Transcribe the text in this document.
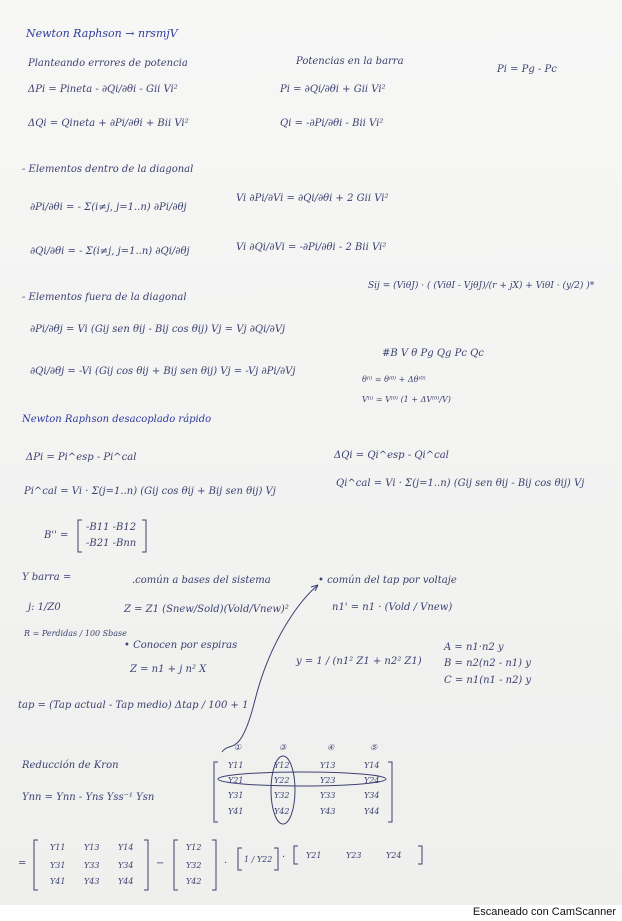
Newton Raphson → nrsmjV
Pi = Pg - Pc
Planteando errores de potencia
ΔPi = Pineta - ∂Qi/∂θi - Gii Vi²
ΔQi = Qineta + ∂Pi/∂θi + Bii Vi²
Potencias en la barra
Pi = ∂Qi/∂θi + Gii Vi²
Qi = -∂Pi/∂θi - Bii Vi²
- Elementos dentro de la diagonal
∂Pi/∂θi = - Σ(i≠j, j=1..n) ∂Pi/∂θj
∂Qi/∂θi = - Σ(i≠j, j=1..n) ∂Qi/∂θj
Vi ∂Pi/∂Vi = ∂Qi/∂θi + 2 Gii Vi²
Vi ∂Qi/∂Vi = -∂Pi/∂θi - 2 Bii Vi²
Sij = (ViθJ) · ( (ViθI - VjθJ)/(r + jX) + ViθI · (y/2) )*
- Elementos fuera de la diagonal
∂Pi/∂θj = Vi (Gij sen θij - Bij cos θij) Vj = Vj ∂Qi/∂Vj
∂Qi/∂θj = -Vi (Gij cos θij + Bij sen θij) Vj = -Vj ∂Pi/∂Vj
#B V θ Pg Qg Pc Qc
θ⁽ⁱ⁾ = θ⁽⁰⁾ + Δθ⁽⁰⁾
V⁽ⁱ⁾ = V⁽⁰⁾ (1 + ΔV⁽⁰⁾/V)
Newton Raphson desacoplado rápido
ΔPi = Pi^esp - Pi^cal	ΔQi = Qi^esp - Qi^cal
Pi^cal = Vi · Σ(j=1..n) (Gij cos θij + Bij sen θij) Vj
Qi^cal = Vi · Σ(j=1..n) (Gij sen θij - Bij cos θij) Vj
B'' =
-B11 -B12
-B21 -Bnn
Y barra =
j: 1/Z0
R = Perdidas / 100 Sbase
.común a bases del sistema
Z = Z1 (Snew/Sold)(Vold/Vnew)²
• Conocen por espiras
Z = n1 + j n² X
• común del tap por voltaje
n1' = n1 · (Vold / Vnew)
y = 1 / (n1² Z1 + n2² Z1)
A = n1·n2 y
B = n2(n2 - n1) y
C = n1(n1 - n2) y
tap = (Tap actual - Tap medio) Δtap / 100 + 1
Reducción de Kron
Ynn = Ynn - Yns Yss⁻¹ Ysn
①	③	④	⑤
Y11	Y12	Y13	Y14
Y21	Y22	Y23	Y24
Y31	Y32	Y33	Y34
Y41	Y42	Y43	Y44
=
Y11 Y13 Y14
Y31 Y33 Y34
Y41 Y43 Y44
−
Y12
Y32
Y42
· 1 / Y22 ·	Y21	Y23	Y24
Escaneado con CamScanner
